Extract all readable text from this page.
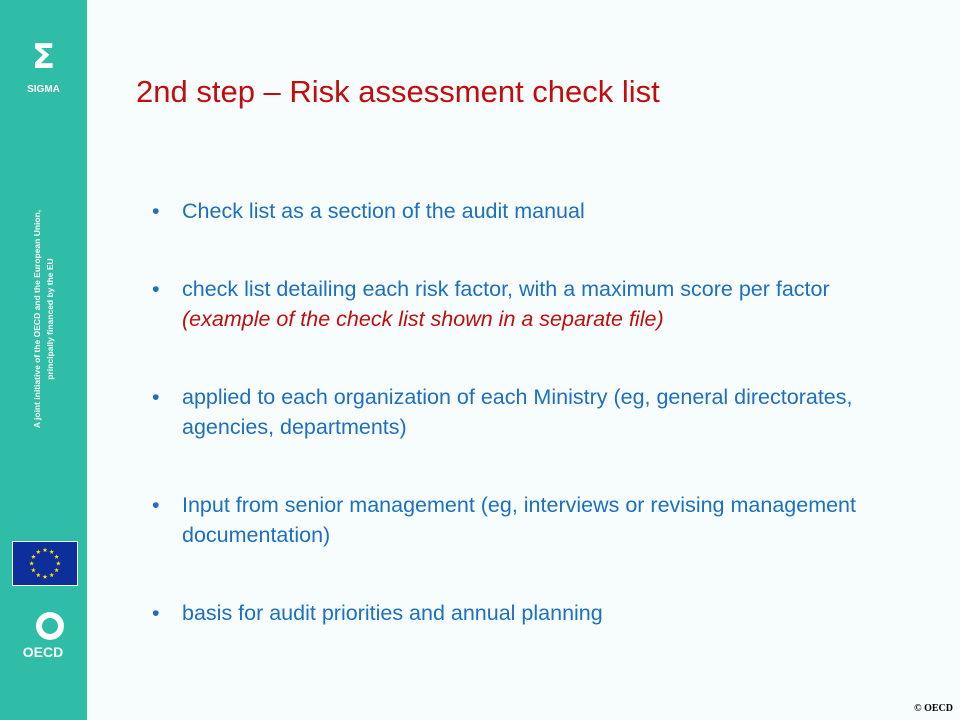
Σ
SIGMA
A joint initiative of the OECD and the European Union, principally financed by the EU
OECD
2nd step – Risk assessment check list
• Check list as a section of the audit manual
• check list detailing each risk factor, with a maximum score per factor (example of the check list shown in a separate file)
• applied to each organization of each Ministry (eg, general directorates, agencies, departments)
• Input from senior management (eg, interviews or revising management documentation)
• basis for audit priorities and annual planning
© OECD
